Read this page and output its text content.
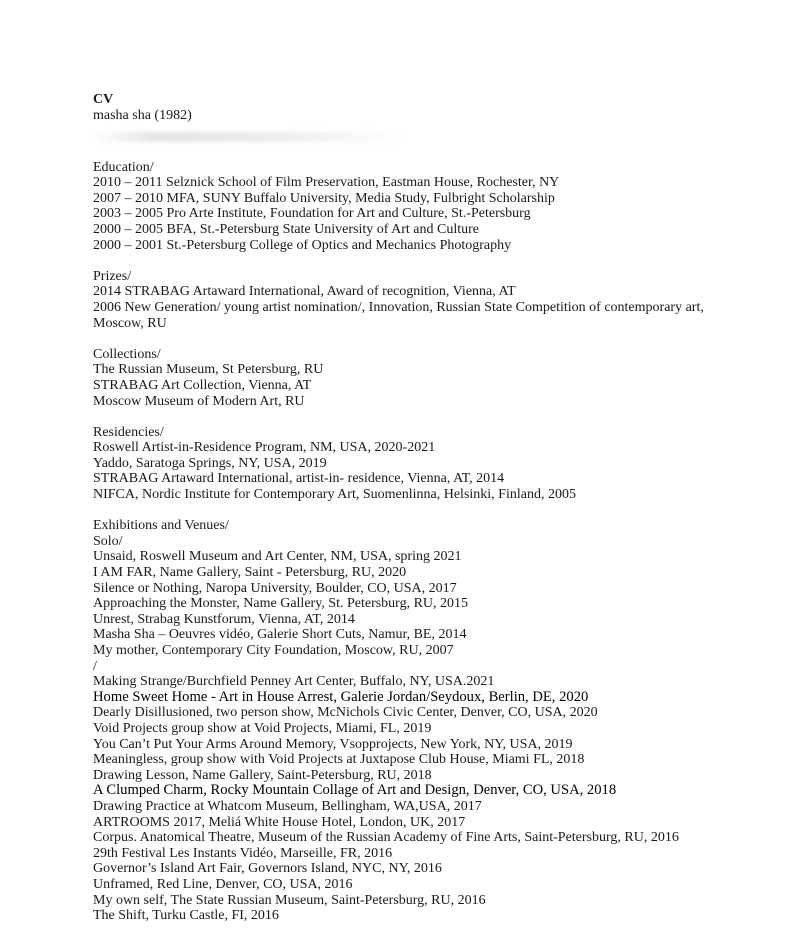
CV
masha sha (1982)
Education/
2010 – 2011 Selznick School of Film Preservation, Eastman House, Rochester, NY
2007 – 2010 MFA, SUNY Buffalo University, Media Study, Fulbright Scholarship
2003 – 2005 Pro Arte Institute, Foundation for Art and Culture, St.-Petersburg
2000 – 2005 BFA, St.-Petersburg State University of Art and Culture
2000 – 2001 St.-Petersburg College of Optics and Mechanics Photography
Prizes/
2014 STRABAG Artaward International, Award of recognition, Vienna, AT
2006 New Generation/ young artist nomination/, Innovation, Russian State Competition of contemporary art, Moscow, RU
Collections/
The Russian Museum, St Petersburg, RU
STRABAG Art Collection, Vienna, AT
Moscow Museum of Modern Art, RU
Residencies/
Roswell Artist-in-Residence Program, NM, USA, 2020-2021
Yaddo, Saratoga Springs, NY, USA, 2019
STRABAG Artaward International, artist-in- residence, Vienna, AT, 2014
NIFCA, Nordic Institute for Contemporary Art, Suomenlinna, Helsinki, Finland, 2005
Exhibitions and Venues/
Solo/
Unsaid, Roswell Museum and Art Center, NM, USA, spring 2021
I AM FAR, Name Gallery, Saint - Petersburg, RU, 2020
Silence or Nothing, Naropa University, Boulder, CO, USA, 2017
Approaching the Monster, Name Gallery, St. Petersburg, RU, 2015
Unrest, Strabag Kunstforum, Vienna, AT, 2014
Masha Sha – Oeuvres vidéo, Galerie Short Cuts, Namur, BE, 2014
My mother, Contemporary City Foundation, Moscow, RU, 2007
/
Making Strange/Burchfield Penney Art Center, Buffalo, NY, USA.2021
Home Sweet Home - Art in House Arrest, Galerie Jordan/Seydoux, Berlin, DE, 2020
Dearly Disillusioned, two person show, McNichols Civic Center, Denver, CO, USA, 2020
Void Projects group show at Void Projects, Miami, FL, 2019
You Can’t Put Your Arms Around Memory, Vsopprojects, New York, NY, USA, 2019
Meaningless, group show with Void Projects at Juxtapose Club House, Miami FL, 2018
Drawing Lesson, Name Gallery, Saint-Petersburg, RU, 2018
A Clumped Charm, Rocky Mountain Collage of Art and Design, Denver, CO, USA, 2018
Drawing Practice at Whatcom Museum, Bellingham, WA,USA, 2017
ARTROOMS 2017, Meliá White House Hotel, London, UK, 2017
Corpus. Anatomical Theatre, Museum of the Russian Academy of Fine Arts, Saint-Petersburg, RU, 2016
29th Festival Les Instants Vidéo, Marseille, FR, 2016
Governor’s Island Art Fair, Governors Island, NYC, NY, 2016
Unframed, Red Line, Denver, CO, USA, 2016
My own self, The State Russian Museum, Saint-Petersburg, RU, 2016
The Shift, Turku Castle, FI, 2016
